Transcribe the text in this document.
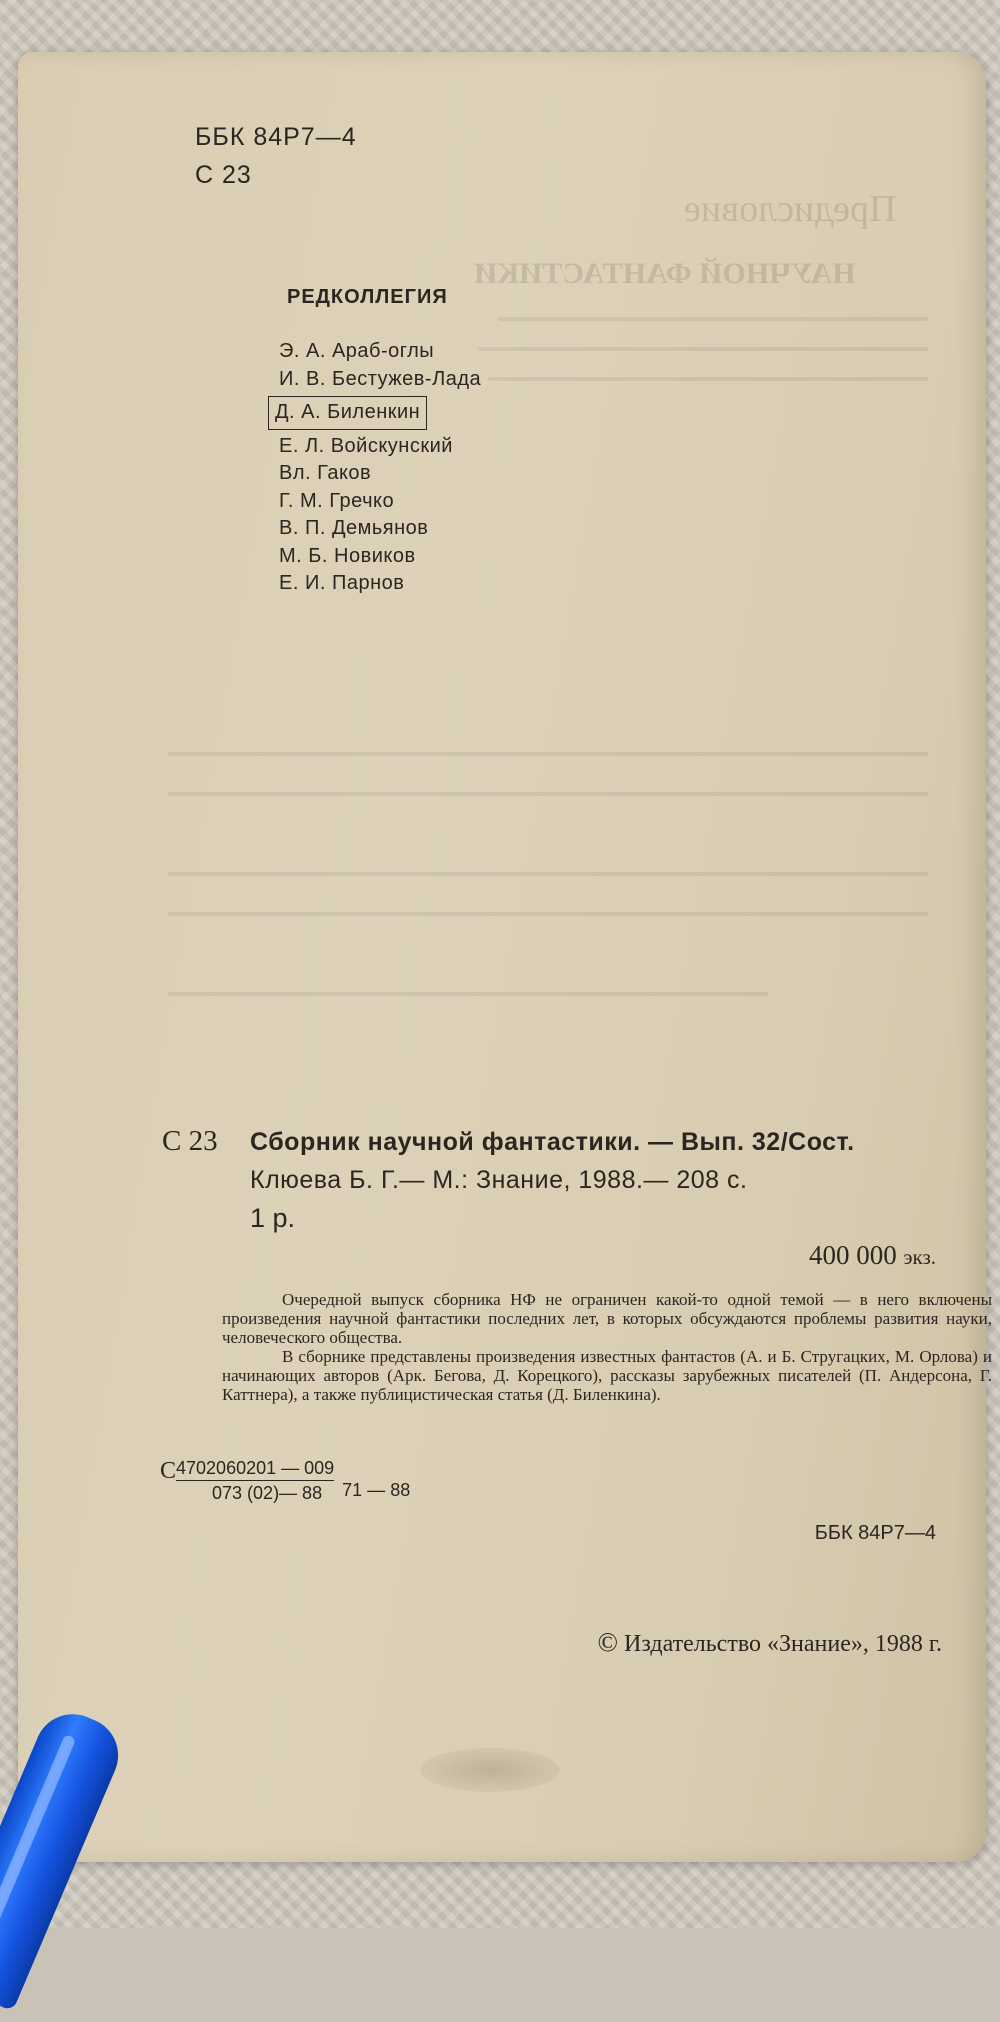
Предисловие
НАУЧНОЙ ФАНТАСТИКИ
ББК 84Р7—4
С 23
РЕДКОЛЛЕГИЯ
Э. А. Араб-оглы
И. В. Бестужев-Лада
Д. А. Биленкин
Е. Л. Войскунский
Вл. Гаков
Г. М. Гречко
В. П. Демьянов
М. Б. Новиков
Е. И. Парнов
С 23 Сборник научной фантастики. — Вып. 32/Сост.
Клюева Б. Г.— М.: Знание, 1988.— 208 с.
1 р.
400 000 экз.

Очередной выпуск сборника НФ не ограничен какой-то одной темой — в него включены произведения научной фантастики последних лет, в которых обсуждаются проблемы развития науки, человеческого общества.

В сборнике представлены произведения известных фантастов (А. и Б. Стругацких, М. Орлова) и начинающих авторов (Арк. Бегова, Д. Корецкого), рассказы зарубежных писателей (П. Андерсона, Г. Каттнера), а также публицистическая статья (Д. Биленкина).

$С\frac{4702060201 — 009}{073 (02)— 88} 71$ — 88
ББК 84Р7—4
© Издательство «Знание», 1988 г.
